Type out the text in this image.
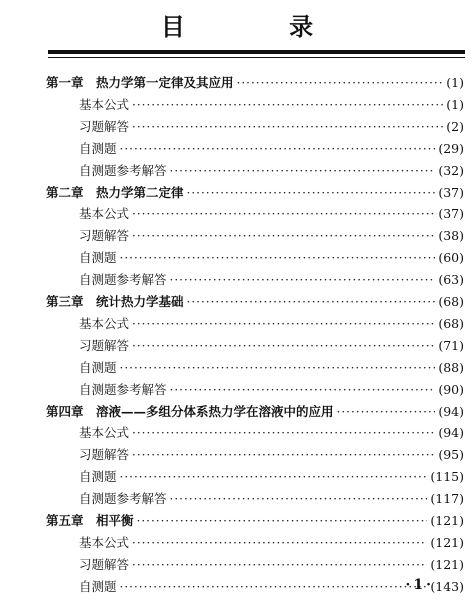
目 录
第一章　热力学第一定律及其应用 ·····	(1)
基本公式 ·····	(1)
习题解答 ·····	(2)
自测题 ·····	(29)
自测题参考解答 ·····	(32)
第二章　热力学第二定律 ·····	(37)
基本公式 ·····	(37)
习题解答 ·····	(38)
自测题 ·····	(60)
自测题参考解答 ·····	(63)
第三章　统计热力学基础 ·····	(68)
基本公式 ·····	(68)
习题解答 ·····	(71)
自测题 ·····	(88)
自测题参考解答 ·····	(90)
第四章　溶液——多组分体系热力学在溶液中的应用 ·····	(94)
基本公式 ·····	(94)
习题解答 ·····	(95)
自测题 ·····	(115)
自测题参考解答 ·····	(117)
第五章　相平衡 ·····	(121)
基本公式 ·····	(121)
习题解答 ·····	(121)
自测题 ·····	(143)
·1·
